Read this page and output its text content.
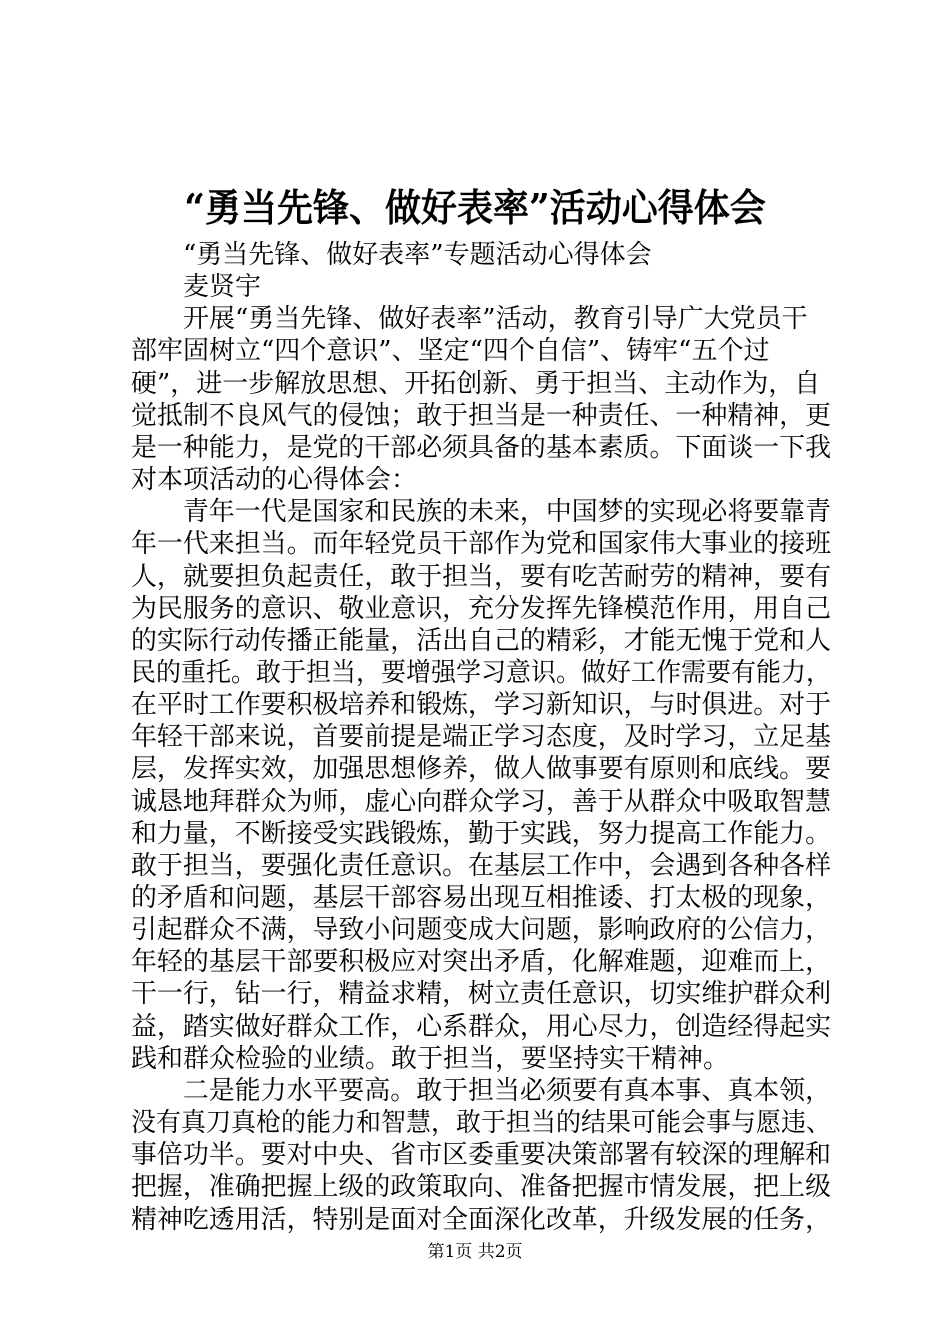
“勇当先锋、做好表率”活动心得体会
　　“勇当先锋、做好表率”专题活动心得体会
　　麦贤宇
　　开展“勇当先锋、做好表率”活动，教育引导广大党员干
部牢固树立“四个意识”、坚定“四个自信”、铸牢“五个过
硬”，进一步解放思想、开拓创新、勇于担当、主动作为，自
觉抵制不良风气的侵蚀；敢于担当是一种责任、一种精神，更
是一种能力，是党的干部必须具备的基本素质。下面谈一下我
对本项活动的心得体会：
　　青年一代是国家和民族的未来，中国梦的实现必将要靠青
年一代来担当。而年轻党员干部作为党和国家伟大事业的接班
人，就要担负起责任，敢于担当，要有吃苦耐劳的精神，要有
为民服务的意识、敬业意识，充分发挥先锋模范作用，用自己
的实际行动传播正能量，活出自己的精彩，才能无愧于党和人
民的重托。敢于担当，要增强学习意识。做好工作需要有能力，
在平时工作要积极培养和锻炼，学习新知识，与时俱进。对于
年轻干部来说，首要前提是端正学习态度，及时学习，立足基
层，发挥实效，加强思想修养，做人做事要有原则和底线。要
诚恳地拜群众为师，虚心向群众学习，善于从群众中吸取智慧
和力量，不断接受实践锻炼，勤于实践，努力提高工作能力。
敢于担当，要强化责任意识。在基层工作中，会遇到各种各样
的矛盾和问题，基层干部容易出现互相推诿、打太极的现象，
引起群众不满，导致小问题变成大问题，影响政府的公信力，
年轻的基层干部要积极应对突出矛盾，化解难题，迎难而上，
干一行，钻一行，精益求精，树立责任意识，切实维护群众利
益，踏实做好群众工作，心系群众，用心尽力，创造经得起实
践和群众检验的业绩。敢于担当，要坚持实干精神。
　　二是能力水平要高。敢于担当必须要有真本事、真本领，
没有真刀真枪的能力和智慧，敢于担当的结果可能会事与愿违、
事倍功半。要对中央、省市区委重要决策部署有较深的理解和
把握，准确把握上级的政策取向、准备把握市情发展，把上级
精神吃透用活，特别是面对全面深化改革，升级发展的任务，
第1页 共2页
